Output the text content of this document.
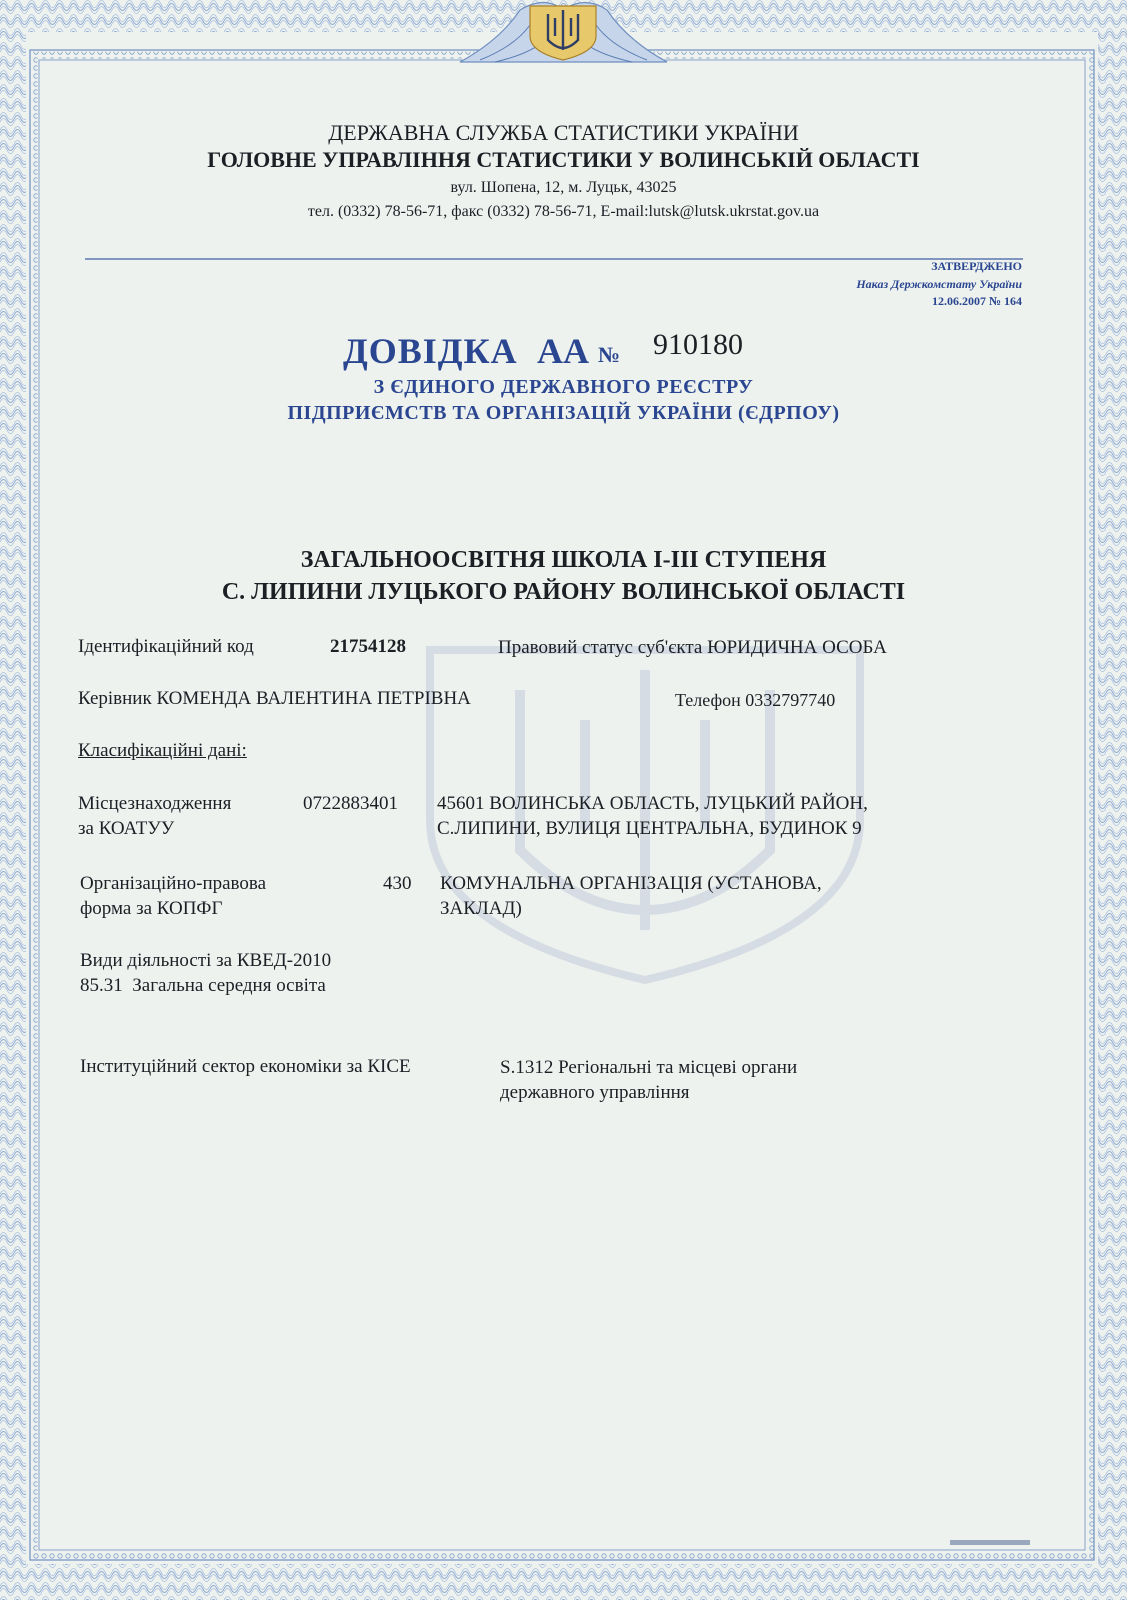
ДЕРЖАВНА СЛУЖБА СТАТИСТИКИ УКРАЇНИ
ГОЛОВНЕ УПРАВЛІННЯ СТАТИСТИКИ У ВОЛИНСЬКІЙ ОБЛАСТІ
вул. Шопена, 12, м. Луцьк, 43025
тел. (0332) 78-56-71, факс (0332) 78-56-71, E-mail:lutsk@lutsk.ukrstat.gov.ua
ЗАТВЕРДЖЕНО
Наказ Держкомстату України
12.06.2007 № 164
ДОВІДКА АА № 910180
З ЄДИНОГО ДЕРЖАВНОГО РЕЄСТРУ
ПІДПРИЄМСТВ ТА ОРГАНІЗАЦІЙ УКРАЇНИ (ЄДРПОУ)
ЗАГАЛЬНООСВІТНЯ ШКОЛА І-ІІІ СТУПЕНЯ
С. ЛИПИНИ ЛУЦЬКОГО РАЙОНУ ВОЛИНСЬКОЇ ОБЛАСТІ
Ідентифікаційний код	21754128	Правовий статус суб'єкта ЮРИДИЧНА ОСОБА
Керівник КОМЕНДА ВАЛЕНТИНА ПЕТРІВНА	Телефон 0332797740
Класифікаційні дані:
Місцезнаходження
за КОАТУУ
0722883401 45601 ВОЛИНСЬКА ОБЛАСТЬ, ЛУЦЬКИЙ РАЙОН,
С.ЛИПИНИ, ВУЛИЦЯ ЦЕНТРАЛЬНА, БУДИНОК 9
Організаційно-правова
форма за КОПФГ
430 КОМУНАЛЬНА ОРГАНІЗАЦІЯ (УСТАНОВА,
ЗАКЛАД)
Види діяльності за КВЕД-2010
85.31  Загальна середня освіта
Інституційний сектор економіки за КІСЕ	S.1312 Регіональні та місцеві органи
державного управління
